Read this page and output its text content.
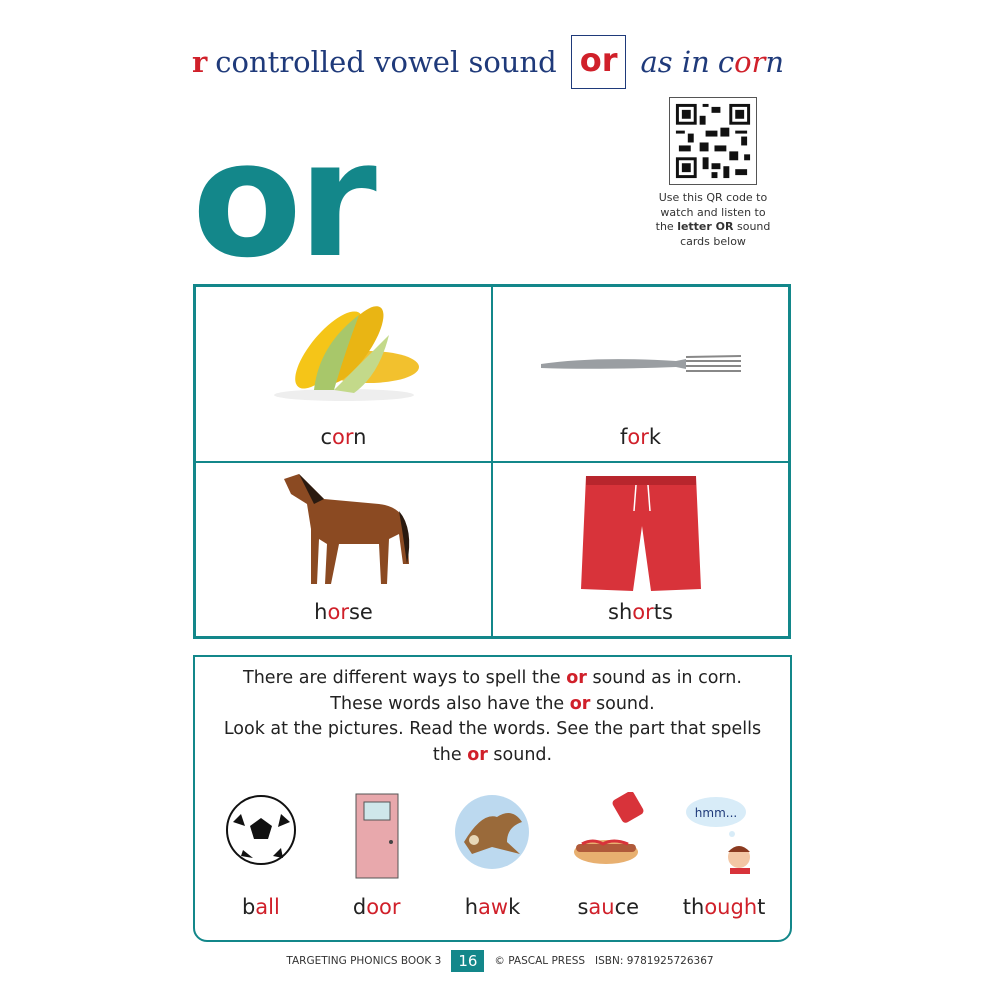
r controlled vowel sound or as in corn
or	Use this QR code to watch and listen to the letter OR sound cards below
corn	fork
horse	shorts
There are different ways to spell the or sound as in corn.
These words also have the or sound.
Look at the pictures. Read the words. See the part that spells
the or sound.
ball	door	hawk	sauce
hmm...
thought
TARGETING PHONICS BOOK 3	16	© PASCAL PRESS ISBN: 9781925726367
